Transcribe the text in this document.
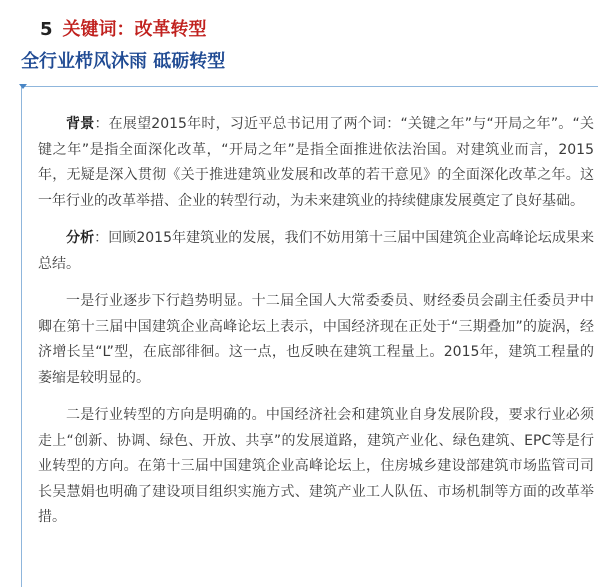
5 关键词：改革转型
全行业栉风沐雨 砥砺转型

背景：在展望2015年时，习近平总书记用了两个词：“关键之年”与“开局之年”。“关键之年”是指全面深化改革，“开局之年”是指全面推进依法治国。对建筑业而言，2015年，无疑是深入贯彻《关于推进建筑业发展和改革的若干意见》的全面深化改革之年。这一年行业的改革举措、企业的转型行动，为未来建筑业的持续健康发展奠定了良好基础。

分析：回顾2015年建筑业的发展，我们不妨用第十三届中国建筑企业高峰论坛成果来总结。

一是行业逐步下行趋势明显。十二届全国人大常委委员、财经委员会副主任委员尹中卿在第十三届中国建筑企业高峰论坛上表示，中国经济现在正处于“三期叠加”的旋涡，经济增长呈“L”型，在底部徘徊。这一点，也反映在建筑工程量上。2015年，建筑工程量的萎缩是较明显的。

二是行业转型的方向是明确的。中国经济社会和建筑业自身发展阶段，要求行业必须走上“创新、协调、绿色、开放、共享”的发展道路，建筑产业化、绿色建筑、EPC等是行业转型的方向。在第十三届中国建筑企业高峰论坛上，住房城乡建设部建筑市场监管司司长吴慧娟也明确了建设项目组织实施方式、建筑产业工人队伍、市场机制等方面的改革举措。
